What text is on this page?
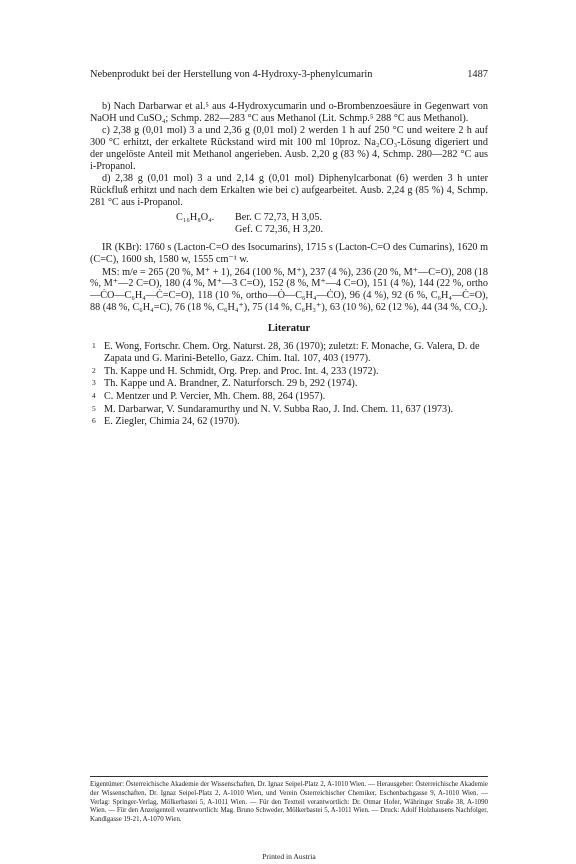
Nebenprodukt bei der Herstellung von 4-Hydroxy-3-phenylcumarin	1487

b) Nach Darbarwar et al.⁵ aus 4-Hydroxycumarin und o-Brombenzoesäure in Gegenwart von NaOH und CuSO₄; Schmp. 282—283 °C aus Methanol (Lit. Schmp.⁵ 288 °C aus Methanol).

c) 2,38 g (0,01 mol) 3 a und 2,36 g (0,01 mol) 2 werden 1 h auf 250 °C und weitere 2 h auf 300 °C erhitzt, der erkaltete Rückstand wird mit 100 ml 10proz. Na₂CO₃-Lösung digeriert und der ungelöste Anteil mit Methanol angerieben. Ausb. 2,20 g (83 %) 4, Schmp. 280—282 °C aus i-Propanol.

d) 2,38 g (0,01 mol) 3 a und 2,14 g (0,01 mol) Diphenylcarbonat (6) werden 3 h unter Rückfluß erhitzt und nach dem Erkalten wie bei c) aufgearbeitet. Ausb. 2,24 g (85 %) 4, Schmp. 281 °C aus i-Propanol.

C₁₆H₈O₄. Ber. C 72,73, H 3,05.
Gef. C 72,36, H 3,20.

IR (KBr): 1760 s (Lacton-C=O des Isocumarins), 1715 s (Lacton-C=O des Cumarins), 1620 m (C=C), 1600 sh, 1580 w, 1555 cm⁻¹ w.

MS: m/e = 265 (20 %, M⁺ + 1), 264 (100 %, M⁺), 237 (4 %), 236 (20 %, M⁺—C=O), 208 (18 %, M⁺—2 C=O), 180 (4 %, M⁺—3 C=O), 152 (8 %, M⁺—4 C=O), 151 (4 %), 144 (22 %, ortho—ĊO—C₆H₄—Ċ=C=O), 118 (10 %, ortho—Ȯ—C₆H₄—ĊO), 96 (4 %), 92 (6 %, C₆H₄—Ċ=O), 88 (48 %, C₆H₄=C), 76 (18 %, C₆H₄⁺), 75 (14 %, C₆H₃⁺), 63 (10 %), 62 (12 %), 44 (34 %, CO₂).

Literatur
1 E. Wong, Fortschr. Chem. Org. Naturst. 28, 36 (1970); zuletzt: F. Monache, G. Valera, D. de Zapata und G. Marini-Betello, Gazz. Chim. Ital. 107, 403 (1977).
2 Th. Kappe und H. Schmidt, Org. Prep. and Proc. Int. 4, 233 (1972).
3 Th. Kappe und A. Brandner, Z. Naturforsch. 29 b, 292 (1974).
4 C. Mentzer und P. Vercier, Mh. Chem. 88, 264 (1957).
5 M. Darbarwar, V. Sundaramurthy und N. V. Subba Rao, J. Ind. Chem. 11, 637 (1973).
6 E. Ziegler, Chimia 24, 62 (1970).
Eigentümer: Österreichische Akademie der Wissenschaften, Dr. Ignaz Seipel-Platz 2, A-1010 Wien. — Herausgeber: Österreichische Akademie der Wissenschaften, Dr. Ignaz Seipel-Platz 2, A-1010 Wien, und Verein Österreichischer Chemiker, Eschenbachgasse 9, A-1010 Wien. — Verlag: Springer-Verlag, Mölkerbastei 5, A-1011 Wien. — Für den Textteil verantwortlich: Dr. Otmar Hofer, Währinger Straße 38, A-1090 Wien. — Für den Anzeigenteil verantwortlich: Mag. Bruno Schweder, Mölkerbastei 5, A-1011 Wien. — Druck: Adolf Holzhausens Nachfolger, Kandlgasse 19-21, A-1070 Wien.
Printed in Austria
